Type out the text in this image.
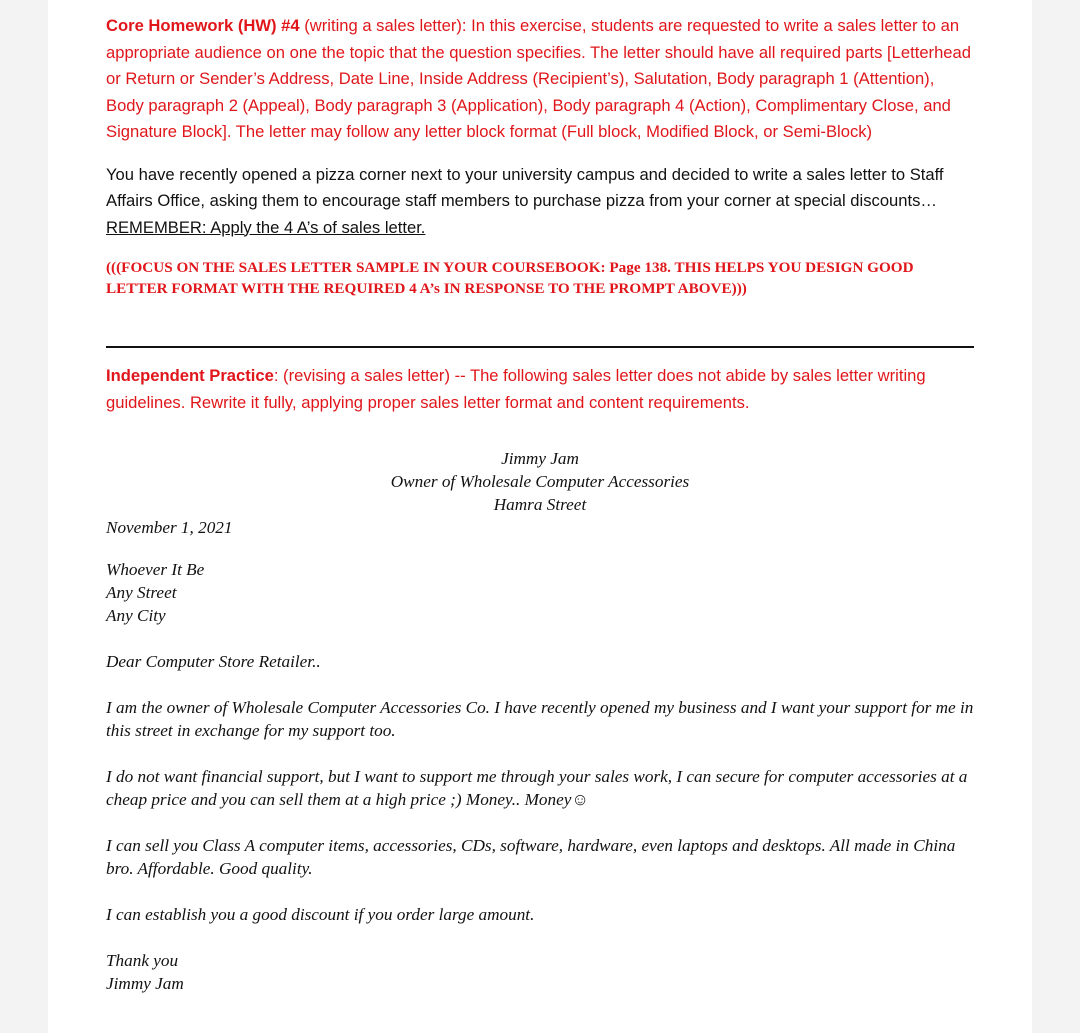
Core Homework (HW) #4 (writing a sales letter): In this exercise, students are requested to write a sales letter to an appropriate audience on one the topic that the question specifies. The letter should have all required parts [Letterhead or Return or Sender’s Address, Date Line, Inside Address (Recipient’s), Salutation, Body paragraph 1 (Attention), Body paragraph 2 (Appeal), Body paragraph 3 (Application), Body paragraph 4 (Action), Complimentary Close, and Signature Block]. The letter may follow any letter block format (Full block, Modified Block, or Semi-Block)

You have recently opened a pizza corner next to your university campus and decided to write a sales letter to Staff Affairs Office, asking them to encourage staff members to purchase pizza from your corner at special discounts… REMEMBER: Apply the 4 A’s of sales letter.

(((FOCUS ON THE SALES LETTER SAMPLE IN YOUR COURSEBOOK: Page 138. THIS HELPS YOU DESIGN GOOD LETTER FORMAT WITH THE REQUIRED 4 A’s IN RESPONSE TO THE PROMPT ABOVE)))

Independent Practice: (revising a sales letter) -- The following sales letter does not abide by sales letter writing guidelines. Rewrite it fully, applying proper sales letter format and content requirements.

Jimmy Jam
Owner of Wholesale Computer Accessories
Hamra Street
November 1, 2021
Whoever It Be
Any Street
Any City
Dear Computer Store Retailer..
I am the owner of Wholesale Computer Accessories Co. I have recently opened my business and I want your support for me in this street in exchange for my support too.
I do not want financial support, but I want to support me through your sales work, I can secure for computer accessories at a cheap price and you can sell them at a high price ;) Money.. Money☺
I can sell you Class A computer items, accessories, CDs, software, hardware, even laptops and desktops. All made in China bro. Affordable. Good quality.
I can establish you a good discount if you order large amount.
Thank you
Jimmy Jam
